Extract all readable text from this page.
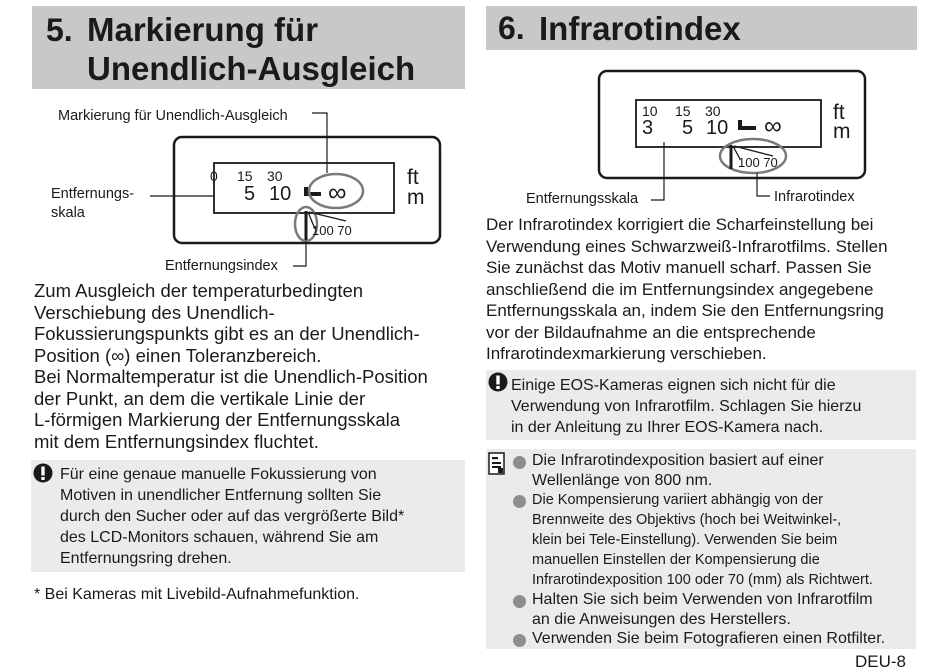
5. Markierung für
Unendlich-Ausgleich
0 15 30
5 10 ∞	ft
m
100 70
Markierung für Unendlich-Ausgleich
Entfernungs-
skala
Entfernungsindex
Zum Ausgleich der temperaturbedingten
Verschiebung des Unendlich-
Fokussierungspunkts gibt es an der Unendlich-
Position (∞) einen Toleranzbereich.
Bei Normaltemperatur ist die Unendlich-Position
der Punkt, an dem die vertikale Linie der
L-förmigen Markierung der Entfernungsskala
mit dem Entfernungsindex fluchtet.
Für eine genaue manuelle Fokussierung von
Motiven in unendlicher Entfernung sollten Sie
durch den Sucher oder auf das vergrößerte Bild*
des LCD-Monitors schauen, während Sie am
Entfernungsring drehen.
* Bei Kameras mit Livebild-Aufnahmefunktion.
6. Infrarotindex
10 15 30
3 5 10 ∞ ft
m
100 70
Entfernungsskala	Infrarotindex
Der Infrarotindex korrigiert die Scharfeinstellung bei
Verwendung eines Schwarzweiß-Infrarotfilms. Stellen
Sie zunächst das Motiv manuell scharf. Passen Sie
anschließend die im Entfernungsindex angegebene
Entfernungsskala an, indem Sie den Entfernungsring
vor der Bildaufnahme an die entsprechende
Infrarotindexmarkierung verschieben.
Einige EOS-Kameras eignen sich nicht für die
Verwendung von Infrarotfilm. Schlagen Sie hierzu
in der Anleitung zu Ihrer EOS-Kamera nach.
Die Infrarotindexposition basiert auf einer
Wellenlänge von 800 nm.
Die Kompensierung variiert abhängig von der
Brennweite des Objektivs (hoch bei Weitwinkel-,
klein bei Tele-Einstellung). Verwenden Sie beim
manuellen Einstellen der Kompensierung die
Infrarotindexposition 100 oder 70 (mm) als Richtwert.
Halten Sie sich beim Verwenden von Infrarotfilm
an die Anweisungen des Herstellers.
Verwenden Sie beim Fotografieren einen Rotfilter.
DEU-8
